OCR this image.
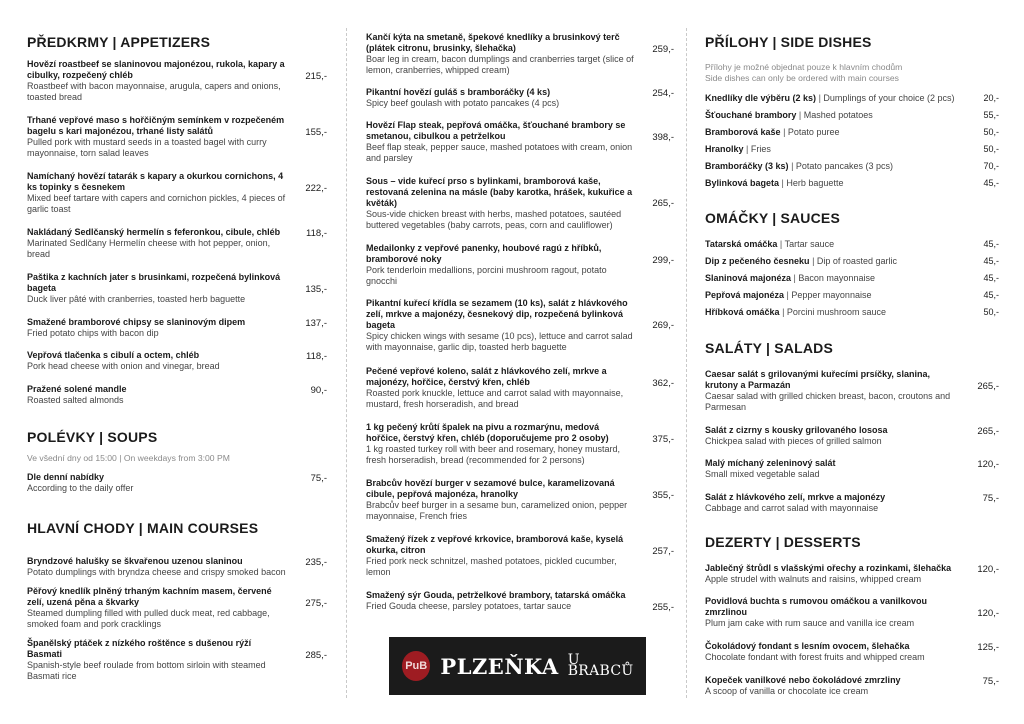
PŘEDKRMY | APPETIZERS
Hovězí roastbeef se slaninovou majonézou, rukola, kapary a cibulky, rozpečený chléb
Roastbeef with bacon mayonnaise, arugula, capers and onions, toasted bread
215,-
Trhané vepřové maso s hořčičným semínkem v rozpečeném bagelu s kari majonézou, trhané listy salátů
Pulled pork with mustard seeds in a toasted bagel with curry mayonnaise, torn salad leaves
155,-
Namíchaný hovězí tatarák s kapary a okurkou cornichons, 4 ks topinky s česnekem
Mixed beef tartare with capers and cornichon pickles, 4 pieces of garlic toast
222,-
Nakládaný Sedlčanský hermelín s feferonkou, cibule, chléb
Marinated Sedlčany Hermelín cheese with hot pepper, onion, bread
118,-
Paštika z kachních jater s brusinkami, rozpečená bylinková bageta
Duck liver pâté with cranberries, toasted herb baguette
135,-
Smažené bramborové chipsy se slaninovým dipem
Fried potato chips with bacon dip
137,-
Vepřová tlačenka s cibulí a octem, chléb
Pork head cheese with onion and vinegar, bread
118,-
Pražené solené mandle
Roasted salted almonds
90,-
POLÉVKY | SOUPS
Ve všední dny od 15:00 | On weekdays from 3:00 PM
Dle denní nabídky
According to the daily offer
75,-
HLAVNÍ CHODY | MAIN COURSES
Bryndzové halušky se škvařenou uzenou slaninou
Potato dumplings with bryndza cheese and crispy smoked bacon
235,-
Pěřový knedlík plněný trhaným kachním masem, červené zelí, uzená pěna a škvarky
Steamed dumpling filled with pulled duck meat, red cabbage, smoked foam and pork cracklings
275,-
Španělský ptáček z nízkého roštěnce s dušenou rýží Basmati
Spanish-style beef roulade from bottom sirloin with steamed Basmati rice
285,-
Kančí kýta na smetaně, špekové knedlíky a brusinkový terč (plátek citronu, brusinky, šlehačka)
Boar leg in cream, bacon dumplings and cranberries target (slice of lemon, cranberries, whipped cream)
259,-
Pikantní hovězí guláš s bramboráčky (4 ks)
Spicy beef goulash with potato pancakes (4 pcs)
254,-
Hovězí Flap steak, pepřová omáčka, šťouchané brambory se smetanou, cibulkou a petrželkou
Beef flap steak, pepper sauce, mashed potatoes with cream, onion and parsley
398,-
Sous – vide kuřecí prso s bylinkami, bramborová kaše, restovaná zelenina na másle (baby karotka, hrášek, kukuřice a květák)
Sous-vide chicken breast with herbs, mashed potatoes, sautéed buttered vegetables (baby carrots, peas, corn and cauliflower)
265,-
Medailonky z vepřové panenky, houbové ragú z hříbků, bramborové noky
Pork tenderloin medallions, porcini mushroom ragout, potato gnocchi
299,-
Pikantní kuřecí křídla se sezamem (10 ks), salát z hlávkového zelí, mrkve a majonézy, česnekový dip, rozpečená bylinková bageta
Spicy chicken wings with sesame (10 pcs), lettuce and carrot salad with mayonnaise, garlic dip, toasted herb baguette
269,-
Pečené vepřové koleno, salát z hlávkového zelí, mrkve a majonézy, hořčice, čerstvý křen, chléb
Roasted pork knuckle, lettuce and carrot salad with mayonnaise, mustard, fresh horseradish, and bread
362,-
1 kg pečený krůtí špalek na pivu a rozmarýnu, medová hořčice, čerstvý křen, chléb (doporučujeme pro 2 osoby)
1 kg roasted turkey roll with beer and rosemary, honey mustard, fresh horseradish, bread (recommended for 2 persons)
375,-
Brabcův hovězí burger v sezamové bulce, karamelizovaná cibule, pepřová majonéza, hranolky
Brabcův beef burger in a sesame bun, caramelized onion, pepper mayonnaise, French fries
355,-
Smažený řízek z vepřové krkovice, bramborová kaše, kyselá okurka, citron
Fried pork neck schnitzel, mashed potatoes, pickled cucumber, lemon
257,-
Smažený sýr Gouda, petrželkové brambory, tatarská omáčka
Fried Gouda cheese, parsley potatoes, tartar sauce	255,-
PuB PLZEŇKA U BRABCŮ
PŘÍLOHY | SIDE DISHES
Přílohy je možné objednat pouze k hlavním chodům
Side dishes can only be ordered with main courses
Knedlíky dle výběru (2 ks) | Dumplings of your choice (2 pcs)	20,-
Šťouchané brambory | Mashed potatoes	55,-
Bramborová kaše | Potato puree	50,-
Hranolky | Fries	50,-
Bramboráčky (3 ks) | Potato pancakes (3 pcs)	70,-
Bylinková bageta | Herb baguette	45,-
OMÁČKY | SAUCES
Tatarská omáčka | Tartar sauce	45,-
Dip z pečeného česneku | Dip of roasted garlic	45,-
Slaninová majonéza | Bacon mayonnaise	45,-
Pepřová majonéza | Pepper mayonnaise	45,-
Hříbková omáčka | Porcini mushroom sauce	50,-
SALÁTY | SALADS
Caesar salát s grilovanými kuřecími prsíčky, slanina, krutony a Parmazán
Caesar salad with grilled chicken breast, bacon, croutons and Parmesan
265,-
Salát z cizrny s kousky grilovaného lososa
Chickpea salad with pieces of grilled salmon
265,-
Malý míchaný zeleninový salát
Small mixed vegetable salad
120,-
Salát z hlávkového zelí, mrkve a majonézy
Cabbage and carrot salad with mayonnaise
75,-
DEZERTY | DESSERTS
Jablečný štrůdl s vlašskými ořechy a rozinkami, šlehačka
Apple strudel with walnuts and raisins, whipped cream
120,-
Povidlová buchta s rumovou omáčkou a vanilkovou zmrzlinou
Plum jam cake with rum sauce and vanilla ice cream
120,-
Čokoládový fondant s lesním ovocem, šlehačka
Chocolate fondant with forest fruits and whipped cream
125,-
Kopeček vanilkové nebo čokoládové zmrzliny
A scoop of vanilla or chocolate ice cream
75,-
